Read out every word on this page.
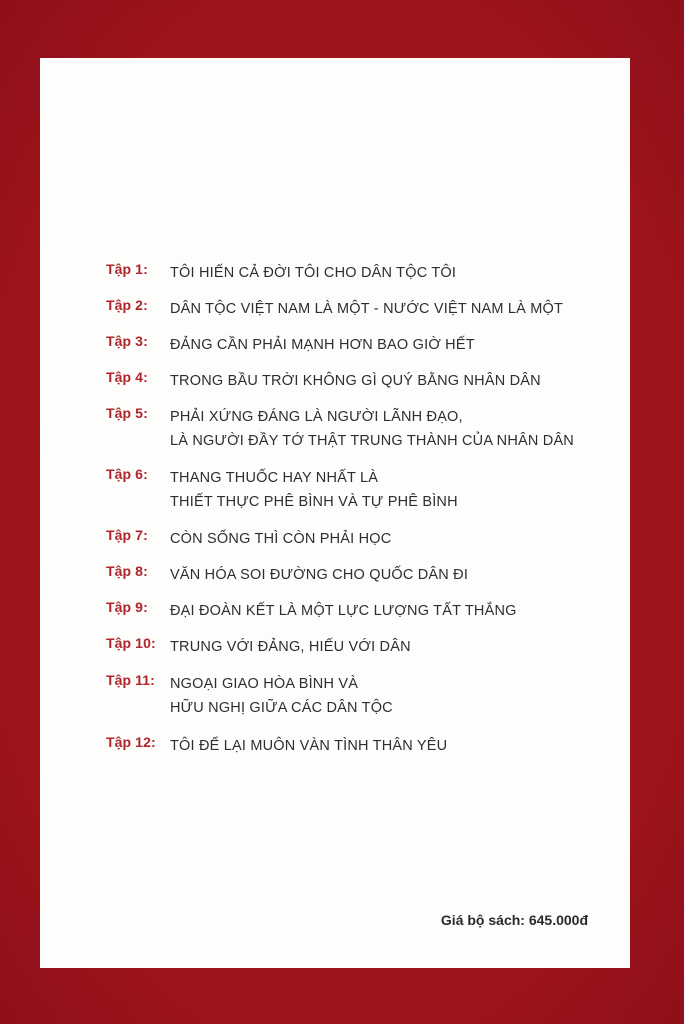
Tập 1: TÔI HIẾN CẢ ĐỜI TÔI CHO DÂN TỘC TÔI
Tập 2: DÂN TỘC VIỆT NAM LÀ MỘT - NƯỚC VIỆT NAM LÀ MỘT
Tập 3: ĐẢNG CẦN PHẢI MẠNH HƠN BAO GIỜ HẾT
Tập 4: TRONG BẦU TRỜI KHÔNG GÌ QUÝ BẰNG NHÂN DÂN
Tập 5: PHẢI XỨNG ĐÁNG LÀ NGƯỜI LÃNH ĐẠO,
LÀ NGƯỜI ĐẦY TỚ THẬT TRUNG THÀNH CỦA NHÂN DÂN
Tập 6: THANG THUỐC HAY NHẤT LÀ
THIẾT THỰC PHÊ BÌNH VÀ TỰ PHÊ BÌNH
Tập 7: CÒN SỐNG THÌ CÒN PHẢI HỌC
Tập 8: VĂN HÓA SOI ĐƯỜNG CHO QUỐC DÂN ĐI
Tập 9: ĐẠI ĐOÀN KẾT LÀ MỘT LỰC LƯỢNG TẤT THẮNG
Tập 10: TRUNG VỚI ĐẢNG, HIẾU VỚI DÂN
Tập 11: NGOẠI GIAO HÒA BÌNH VÀ
HỮU NGHỊ GIỮA CÁC DÂN TỘC
Tập 12: TÔI ĐỂ LẠI MUÔN VÀN TÌNH THÂN YÊU
Giá bộ sách: 645.000đ
